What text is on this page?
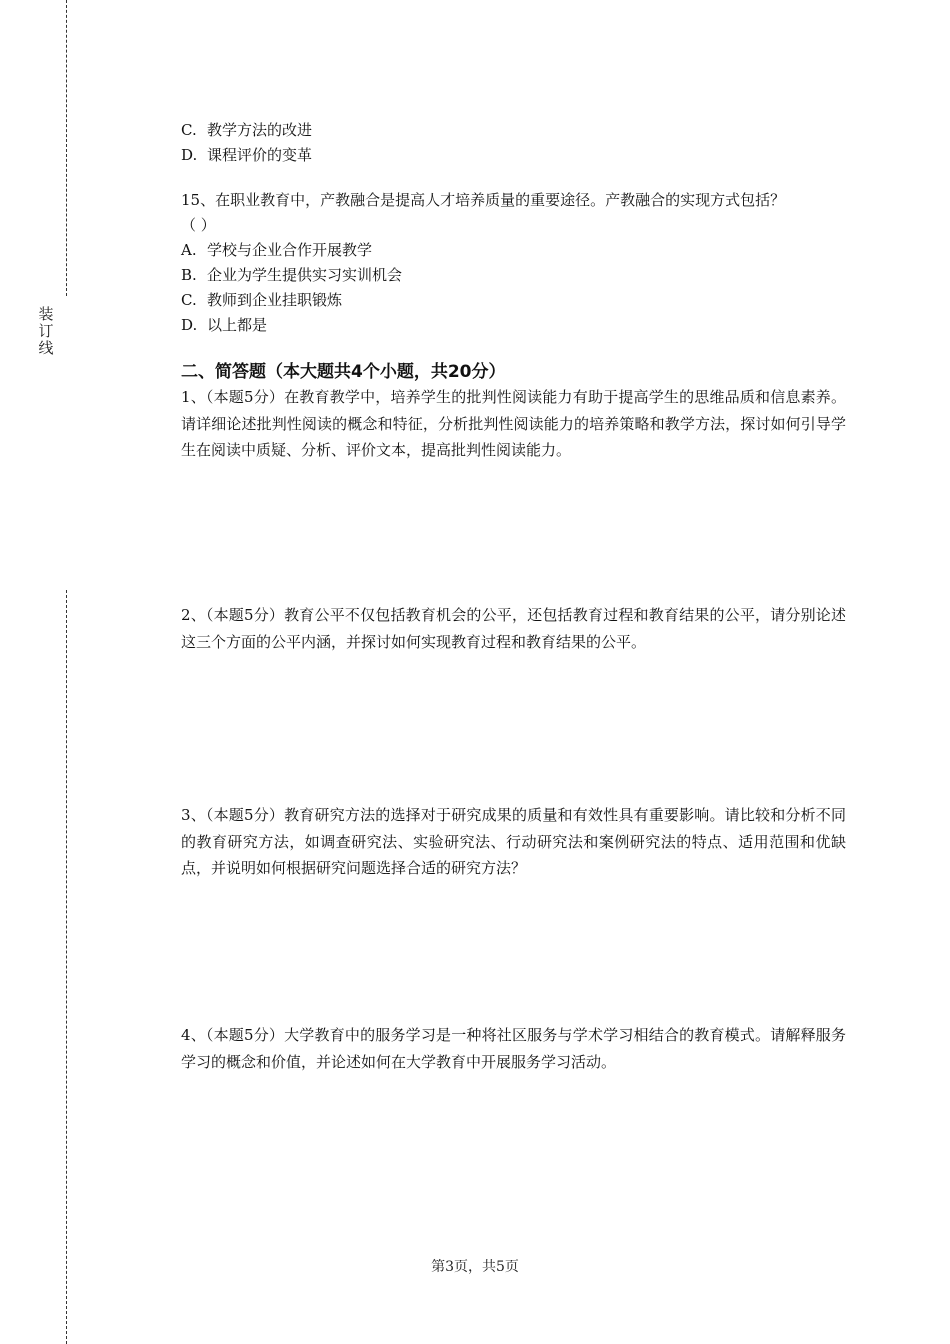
装订线
C. 教学方法的改进
D. 课程评价的变革
15、在职业教育中，产教融合是提高人才培养质量的重要途径。产教融合的实现方式包括？
（ ）
A. 学校与企业合作开展教学
B. 企业为学生提供实习实训机会
C. 教师到企业挂职锻炼
D. 以上都是
二、简答题（本大题共4个小题，共20分）
1、（本题5分）在教育教学中，培养学生的批判性阅读能力有助于提高学生的思维品质和信息素养。请详细论述批判性阅读的概念和特征，分析批判性阅读能力的培养策略和教学方法，探讨如何引导学生在阅读中质疑、分析、评价文本，提高批判性阅读能力。
2、（本题5分）教育公平不仅包括教育机会的公平，还包括教育过程和教育结果的公平，请分别论述这三个方面的公平内涵，并探讨如何实现教育过程和教育结果的公平。
3、（本题5分）教育研究方法的选择对于研究成果的质量和有效性具有重要影响。请比较和分析不同的教育研究方法，如调查研究法、实验研究法、行动研究法和案例研究法的特点、适用范围和优缺点，并说明如何根据研究问题选择合适的研究方法？
4、（本题5分）大学教育中的服务学习是一种将社区服务与学术学习相结合的教育模式。请解释服务学习的概念和价值，并论述如何在大学教育中开展服务学习活动。
第3页，共5页
